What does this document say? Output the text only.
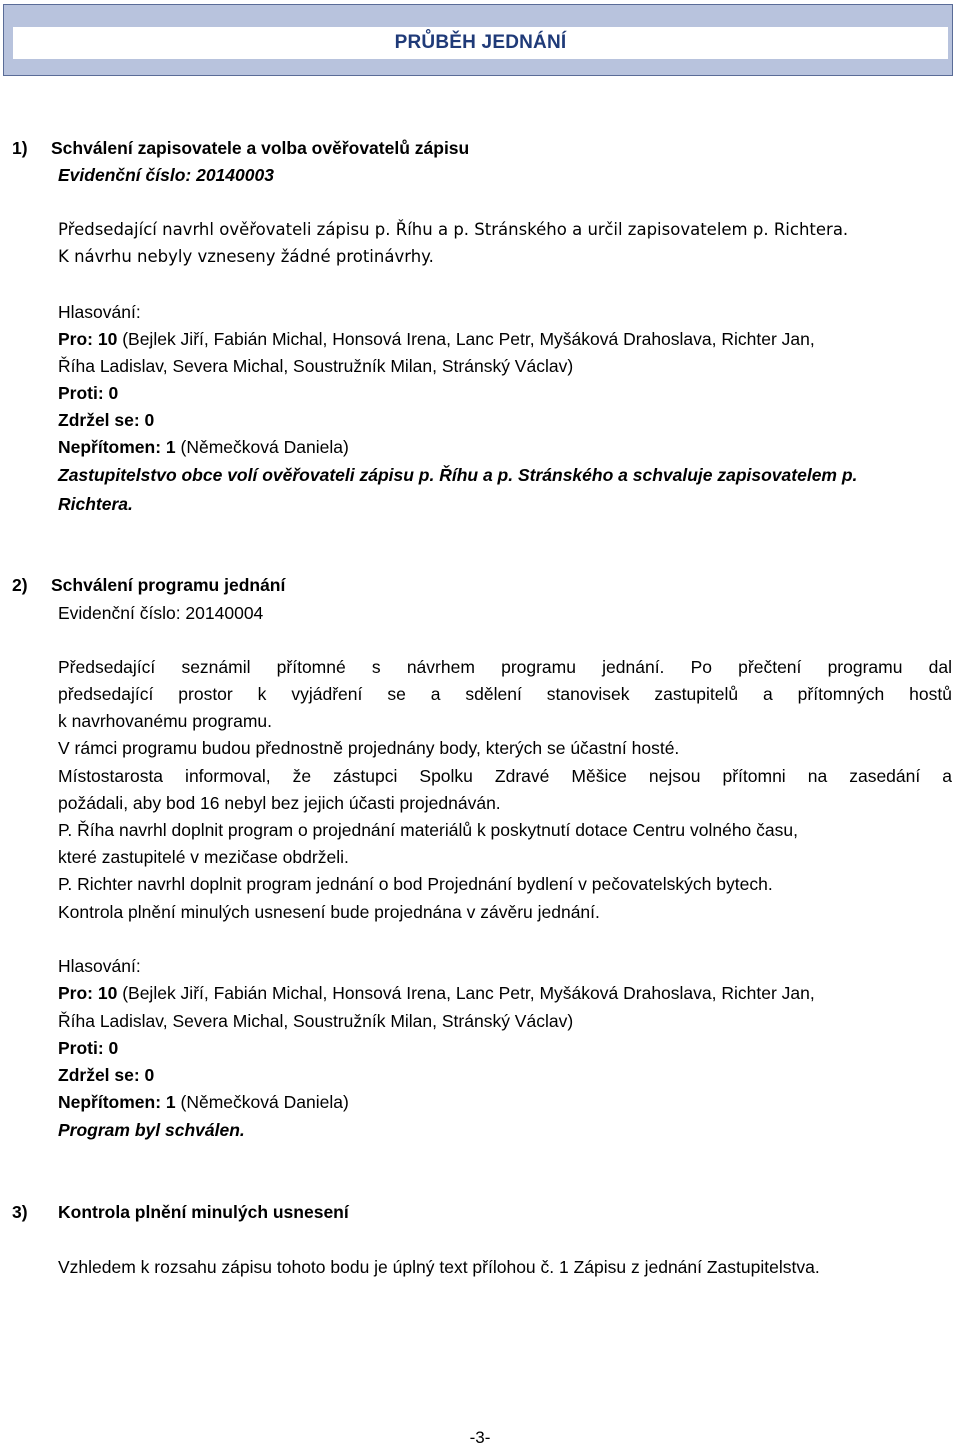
PRŮBĚH JEDNÁNÍ
1) Schválení zapisovatele a volba ověřovatelů zápisu
Evidenční číslo: 20140003
Předsedající navrhl ověřovateli zápisu p. Říhu a p. Stránského a určil zapisovatelem p. Richtera.
K návrhu nebyly vzneseny žádné protinávrhy.
Hlasování:
Pro: 10 (Bejlek Jiří, Fabián Michal, Honsová Irena, Lanc Petr, Myšáková Drahoslava, Richter Jan,
Říha Ladislav, Severa Michal, Soustružník Milan, Stránský Václav)
Proti: 0
Zdržel se: 0
Nepřítomen: 1 (Němečková Daniela)
Zastupitelstvo obce volí ověřovateli zápisu p. Říhu a p. Stránského a schvaluje zapisovatelem p.
Richtera.
2) Schválení programu jednání
Evidenční číslo: 20140004
Předsedající seznámil přítomné s návrhem programu jednání. Po přečtení programu dal
předsedající prostor k vyjádření se a sdělení stanovisek zastupitelů a přítomných hostů
k navrhovanému programu.
V rámci programu budou přednostně projednány body, kterých se účastní hosté.
Místostarosta informoval, že zástupci Spolku Zdravé Měšice nejsou přítomni na zasedání a
požádali, aby bod 16 nebyl bez jejich účasti projednáván.
P. Říha navrhl doplnit program o projednání materiálů k poskytnutí dotace Centru volného času,
které zastupitelé v mezičase obdrželi.
P. Richter navrhl doplnit program jednání o bod Projednání bydlení v pečovatelských bytech.
Kontrola plnění minulých usnesení bude projednána v závěru jednání.
Hlasování:
Pro: 10 (Bejlek Jiří, Fabián Michal, Honsová Irena, Lanc Petr, Myšáková Drahoslava, Richter Jan,
Říha Ladislav, Severa Michal, Soustružník Milan, Stránský Václav)
Proti: 0
Zdržel se: 0
Nepřítomen: 1 (Němečková Daniela)
Program byl schválen.
3) Kontrola plnění minulých usnesení
Vzhledem k rozsahu zápisu tohoto bodu je úplný text přílohou č. 1 Zápisu z jednání Zastupitelstva.
-3-
